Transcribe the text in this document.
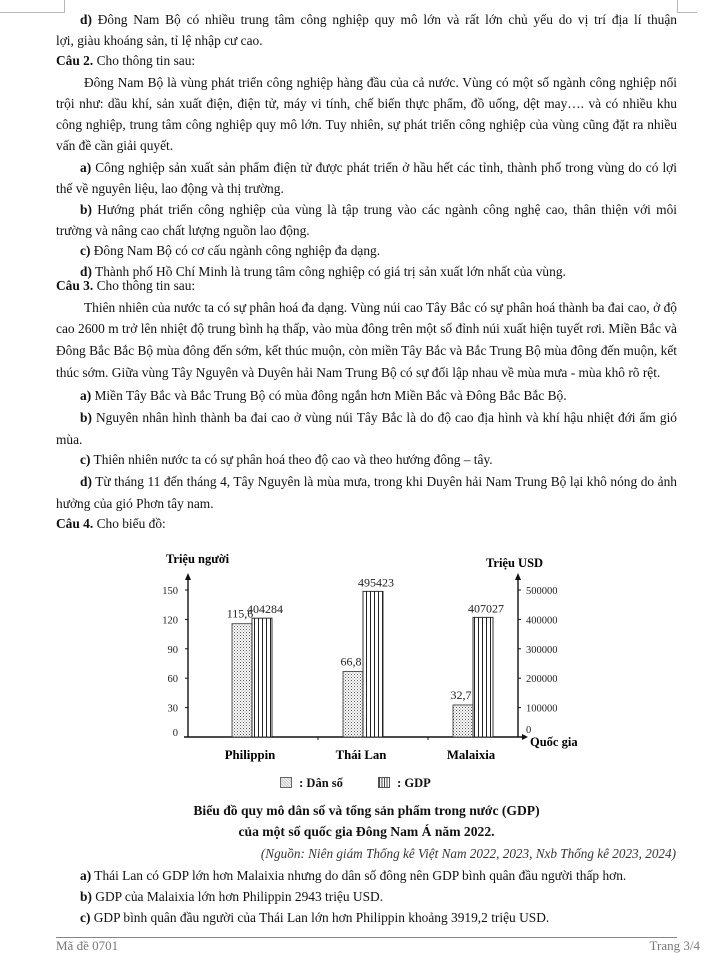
d) Đông Nam Bộ có nhiều trung tâm công nghiệp quy mô lớn và rất lớn chủ yếu do vị trí địa lí thuận

lợi, giàu khoáng sản, tỉ lệ nhập cư cao.

Câu 2. Cho thông tin sau:

Đông Nam Bộ là vùng phát triển công nghiệp hàng đầu của cả nước. Vùng có một số ngành công nghiệp nổi trội như: dầu khí, sản xuất điện, điện tử, máy vi tính, chế biến thực phẩm, đồ uống, dệt may…. và có nhiều khu công nghiệp, trung tâm công nghiệp quy mô lớn. Tuy nhiên, sự phát triển công nghiệp của vùng cũng đặt ra nhiều vấn đề cần giải quyết.

a) Công nghiệp sản xuất sản phẩm điện tử được phát triển ở hầu hết các tỉnh, thành phố trong vùng do có lợi thế về nguyên liệu, lao động và thị trường.

b) Hướng phát triển công nghiệp của vùng là tập trung vào các ngành công nghệ cao, thân thiện với môi trường và nâng cao chất lượng nguồn lao động.

c) Đông Nam Bộ có cơ cấu ngành công nghiệp đa dạng.

d) Thành phố Hồ Chí Minh là trung tâm công nghiệp có giá trị sản xuất lớn nhất của vùng.

Câu 3. Cho thông tin sau:

Thiên nhiên của nước ta có sự phân hoá đa dạng. Vùng núi cao Tây Bắc có sự phân hoá thành ba đai cao, ở độ cao 2600 m trở lên nhiệt độ trung bình hạ thấp, vào mùa đông trên một số đỉnh núi xuất hiện tuyết rơi. Miền Bắc và Đông Bắc Bắc Bộ mùa đông đến sớm, kết thúc muộn, còn miền Tây Bắc và Bắc Trung Bộ mùa đông đến muộn, kết thúc sớm. Giữa vùng Tây Nguyên và Duyên hải Nam Trung Bộ có sự đối lập nhau về mùa mưa - mùa khô rõ rệt.

a) Miền Tây Bắc và Bắc Trung Bộ có mùa đông ngắn hơn Miền Bắc và Đông Bắc Bắc Bộ.

b) Nguyên nhân hình thành ba đai cao ở vùng núi Tây Bắc là do độ cao địa hình và khí hậu nhiệt đới ẩm gió mùa.

c) Thiên nhiên nước ta có sự phân hoá theo độ cao và theo hướng đông – tây.

d) Từ tháng 11 đến tháng 4, Tây Nguyên là mùa mưa, trong khi Duyên hải Nam Trung Bộ lại khô nóng do ảnh hưởng của gió Phơn tây nam.

Câu 4. Cho biểu đồ:

Triệu người	Triệu USD
Quốc gia
0
30
60
90
120
150
0
100000
200000
300000
400000
500000
115,6
404284
Philippin
66,8
495423
Thái Lan
32,7
407027
Malaixia
: Dân số	: GDP
Biểu đồ quy mô dân số và tổng sản phẩm trong nước (GDP)
của một số quốc gia Đông Nam Á năm 2022.
(Nguồn: Niên giám Thống kê Việt Nam 2022, 2023, Nxb Thống kê 2023, 2024)

a) Thái Lan có GDP lớn hơn Malaixia nhưng do dân số đông nên GDP bình quân đầu người thấp hơn.

b) GDP của Malaixia lớn hơn Philippin 2943 triệu USD.

c) GDP bình quân đầu người của Thái Lan lớn hơn Philippin khoảng 3919,2 triệu USD.

Mã đề 0701	Trang 3/4
